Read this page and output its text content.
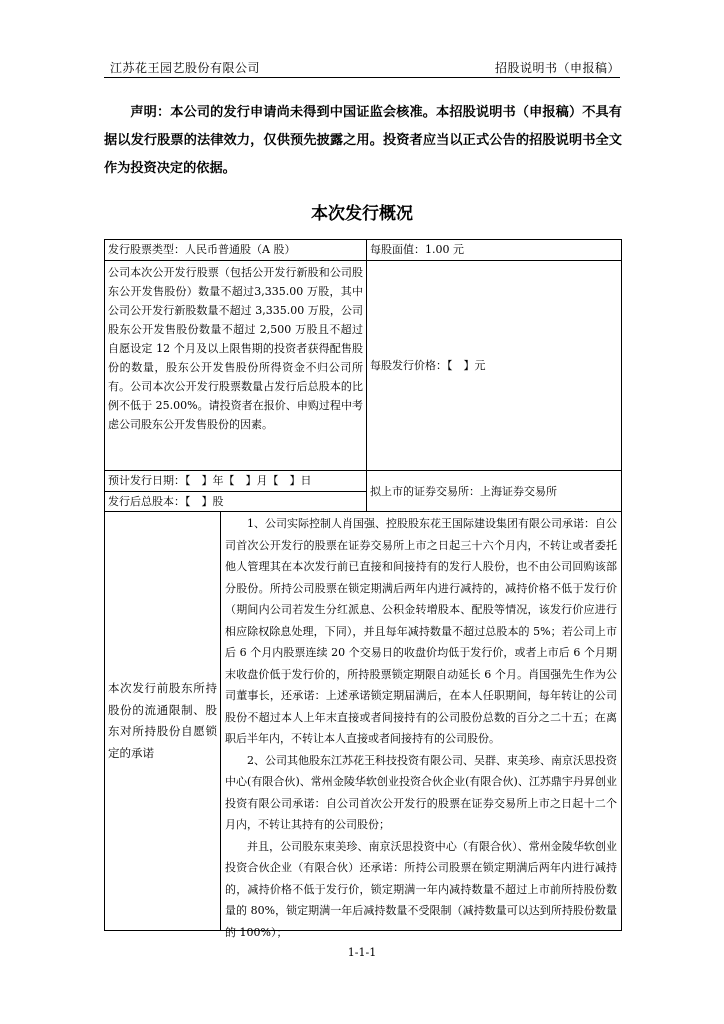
江苏花王园艺股份有限公司	招股说明书（申报稿）
声明：本公司的发行申请尚未得到中国证监会核准。本招股说明书（申报稿）不具有据以发行股票的法律效力，仅供预先披露之用。投资者应当以正式公告的招股说明书全文作为投资决定的依据。
本次发行概况
发行股票类型：人民币普通股（A 股）	每股面值：1.00 元
公司本次公开发行股票（包括公开发行新股和公司股东公开发售股份）数量不超过3,335.00 万股，其中公司公开发行新股数量不超过 3,335.00 万股，公司股东公开发售股份数量不超过 2,500 万股且不超过自愿设定 12 个月及以上限售期的投资者获得配售股份的数量，股东公开发售股份所得资金不归公司所有。公司本次公开发行股票数量占发行后总股本的比例不低于 25.00%。请投资者在报价、申购过程中考虑公司股东公开发售股份的因素。
每股发行价格：【　】元
预计发行日期：【　】年【　】月【　】日
拟上市的证券交易所：上海证券交易所
发行后总股本：【　】股
本次发行前股东所持股份的流通限制、股东对所持股份自愿锁定的承诺
1、公司实际控制人肖国强、控股股东花王国际建设集团有限公司承诺：自公司首次公开发行的股票在证券交易所上市之日起三十六个月内，不转让或者委托他人管理其在本次发行前已直接和间接持有的发行人股份，也不由公司回购该部分股份。所持公司股票在锁定期满后两年内进行减持的，减持价格不低于发行价（期间内公司若发生分红派息、公积金转增股本、配股等情况，该发行价应进行相应除权除息处理，下同），并且每年减持数量不超过总股本的 5%；若公司上市后 6 个月内股票连续 20 个交易日的收盘价均低于发行价，或者上市后 6 个月期末收盘价低于发行价的，所持股票锁定期限自动延长 6 个月。肖国强先生作为公司董事长，还承诺：上述承诺锁定期届满后，在本人任职期间，每年转让的公司股份不超过本人上年末直接或者间接持有的公司股份总数的百分之二十五；在离职后半年内，不转让本人直接或者间接持有的公司股份。
2、公司其他股东江苏花王科技投资有限公司、吴群、束美珍、南京沃思投资中心(有限合伙)、常州金陵华软创业投资合伙企业(有限合伙)、江苏鼎宇丹昇创业投资有限公司承诺：自公司首次公开发行的股票在证券交易所上市之日起十二个月内，不转让其持有的公司股份；
并且，公司股东束美珍、南京沃思投资中心（有限合伙）、常州金陵华软创业投资合伙企业（有限合伙）还承诺：所持公司股票在锁定期满后两年内进行减持的，减持价格不低于发行价，锁定期满一年内减持数量不超过上市前所持股份数量的 80%，锁定期满一年后减持数量不受限制（减持数量可以达到所持股份数量的 100%）；
1-1-1
